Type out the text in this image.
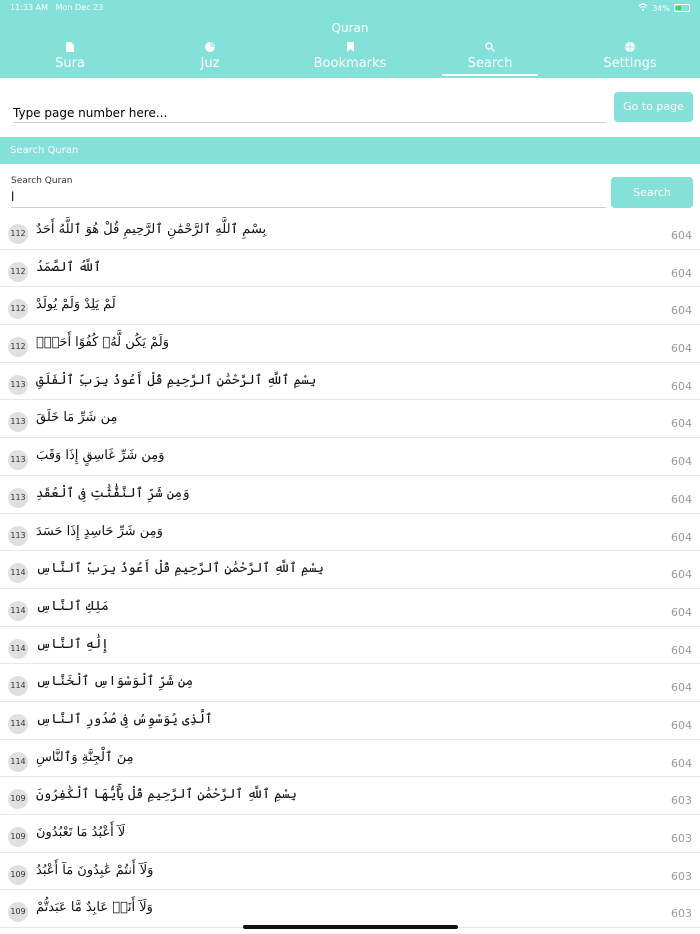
11:33 AM Mon Dec 23	34%
Quran
Sura	Juz	Bookmarks	Search	Settings
Type page number here...	Go to page
Search Quran
Search Quran
l	Search
112 بِسْمِ ٱللَّهِ ٱلرَّحْمَٰنِ ٱلرَّحِيمِ قُلْ هُوَ ٱللَّهُ أَحَدٌ	604
112 ٱللَّهُ ٱلصَّمَدُ	604
112 لَمْ يَلِدْ وَلَمْ يُولَدْ	604
112 وَلَمْ يَكُن لَّهُۥ كُفُوًا أَحَدٌۢ	604
113 بِسْمِ ٱللَّهِ ٱلرَّحْمَٰنِ ٱلرَّحِيمِ قُلْ أَعُوذُ بِرَبِّ ٱلْفَلَقِ	604
113 مِن شَرِّ مَا خَلَقَ	604
113 وَمِن شَرِّ غَاسِقٍ إِذَا وَقَبَ	604
113 وَمِن شَرِّ ٱلنَّفَّٰثَٰتِ فِى ٱلْعُقَدِ	604
113 وَمِن شَرِّ حَاسِدٍ إِذَا حَسَدَ	604
114 بِسْمِ ٱللَّهِ ٱلرَّحْمَٰنِ ٱلرَّحِيمِ قُلْ أَعُوذُ بِرَبِّ ٱلنَّاسِ	604
114 مَلِكِ ٱلنَّاسِ	604
114 إِلَٰهِ ٱلنَّاسِ	604
114 مِن شَرِّ ٱلْوَسْوَاسِ ٱلْخَنَّاسِ	604
114 ٱلَّذِى يُوَسْوِسُ فِى صُدُورِ ٱلنَّاسِ	604
114 مِنَ ٱلْجِنَّةِ وَٱلنَّاسِ	604
109 بِسْمِ ٱللَّهِ ٱلرَّحْمَٰنِ ٱلرَّحِيمِ قُلْ يَٰٓأَيُّهَا ٱلْكَٰفِرُونَ	603
109 لَآ أَعْبُدُ مَا تَعْبُدُونَ	603
109 وَلَآ أَنتُمْ عَٰبِدُونَ مَآ أَعْبُدُ	603
109 وَلَآ أَنَا۠ عَابِدٌ مَّا عَبَدتُّمْ	603
